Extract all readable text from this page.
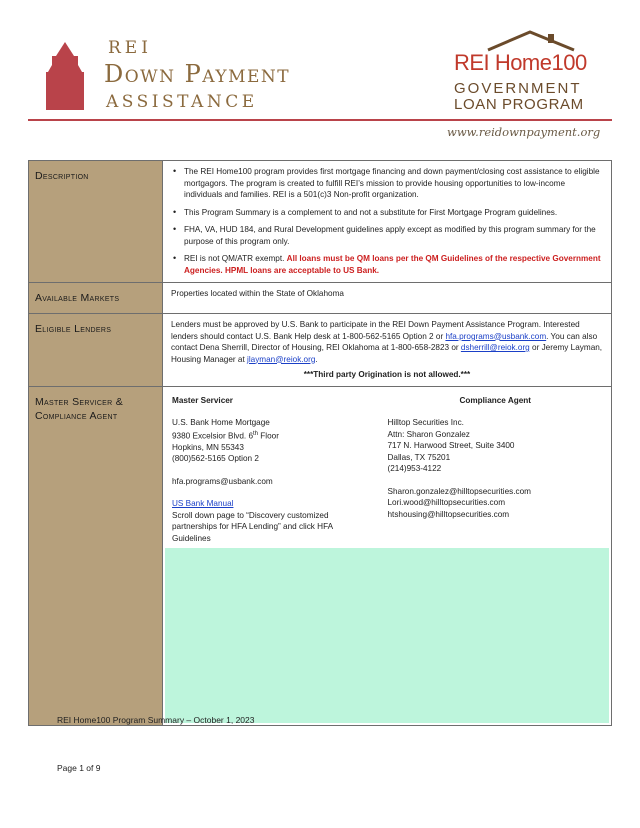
REI
Down Payment
ASSISTANCE
REI Home100
GOVERNMENT
LOAN PROGRAM
www.reidownpayment.org
Description
•	The REI Home100 program provides first mortgage financing and down payment/closing cost assistance to eligible mortgagors. The program is created to fulfill REI’s mission to provide housing opportunities to low-income individuals and families. REI is a 501(c)3 Non-profit organization.
• This Program Summary is a complement to and not a substitute for First Mortgage Program guidelines.
• FHA, VA, HUD 184, and Rural Development guidelines apply except as modified by this program summary for the purpose of this program only.
• REI is not QM/ATR exempt. All loans must be QM loans per the QM Guidelines of the respective Government Agencies. HPML loans are acceptable to US Bank.
Available Markets	Properties located within the State of Oklahoma
Eligible Lenders	Lenders must be approved by U.S. Bank to participate in the REI Down Payment Assistance Program. Interested lenders should contact U.S. Bank Help desk at 1-800-562-5165 Option 2 or hfa.programs@usbank.com. You can also contact Dena Sherrill, Director of Housing, REI Oklahoma at 1-800-658-2823 or dsherrill@reiok.org or Jeremy Layman, Housing Manager at jlayman@reiok.org.
***Third party Origination is not allowed.***
Master Servicer & Compliance Agent
Master Servicer
U.S. Bank Home Mortgage
9380 Excelsior Blvd. 6th Floor
Hopkins, MN 55343
(800)562-5165 Option 2
hfa.programs@usbank.com
US Bank Manual
Scroll down page to “Discovery customized partnerships for HFA Lending” and click HFA Guidelines
Compliance Agent
Hilltop Securities Inc.
Attn: Sharon Gonzalez
717 N. Harwood Street, Suite 3400
Dallas, TX 75201
(214)953-4122
Sharon.gonzalez@hilltopsecurities.com
Lori.wood@hilltopsecurities.com
htshousing@hilltopsecurities.com
REI Home100 Program Summary – October 1, 2023
Page 1 of 9
